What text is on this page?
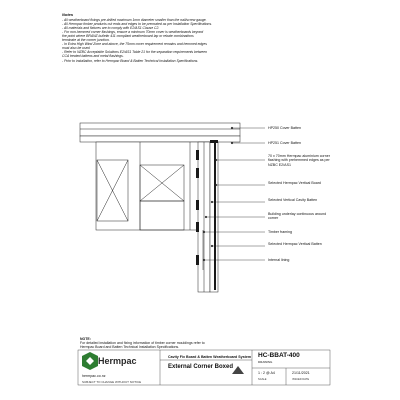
Notes
- All weatherboard fixings pre-drilled maximum 1mm diameter smaller than the nail/screw gauge.
- All Hermpac timber products cut ends and edges to be precoated as per Installation Specifications.
- All materials and fixtures are to comply with E2/AS1 Clause C2.
- For non-hemmed corner flashings, ensure a minimum 70mm cover is weatherboards beyond
the point where BRANZ bulletin 411 compliant weatherboard lap or rebate combinations
terminate at the corner junction.
- In Extra High Wind Zone and above, the 75mm cover requirement remains and hemmed edges
must also be used.
- Refer to NZBC Acceptable Solutions E2/AS1 Table 21 for the separation requirements between
CCA treated battens and metal flashings.
- Prior to installation, refer to Hermpac Board & Batten Technical Installation Specifications.
HP250 Cover Batten
HP251 Cover Batten
70 x 70mm Hermpac aluminium corner flashing with prehemmed edges as per NZBC E2/AS1
Selected Hermpac Vertical Board
Selected Vertical Cavity Batten
Building underlay continuous around corner
Timber framing
Selected Hermpac Vertical Batten
Internal lining
NOTE:
For detailed installation and fixing information of timber corner mouldings refer to
Hermpac Board and Batten Technical Installation Specifications.
Hermpac
hermpac.co.nz
SUBJECT TO CHANGE WITHOUT NOTICE
Cavity Fix Board & Batten Weatherboard System
External Corner Boxed
HC-BBAT-400
DRAWING
1 : 2 @ A4
SCALE
21/11/2021
ISSUED DATE
